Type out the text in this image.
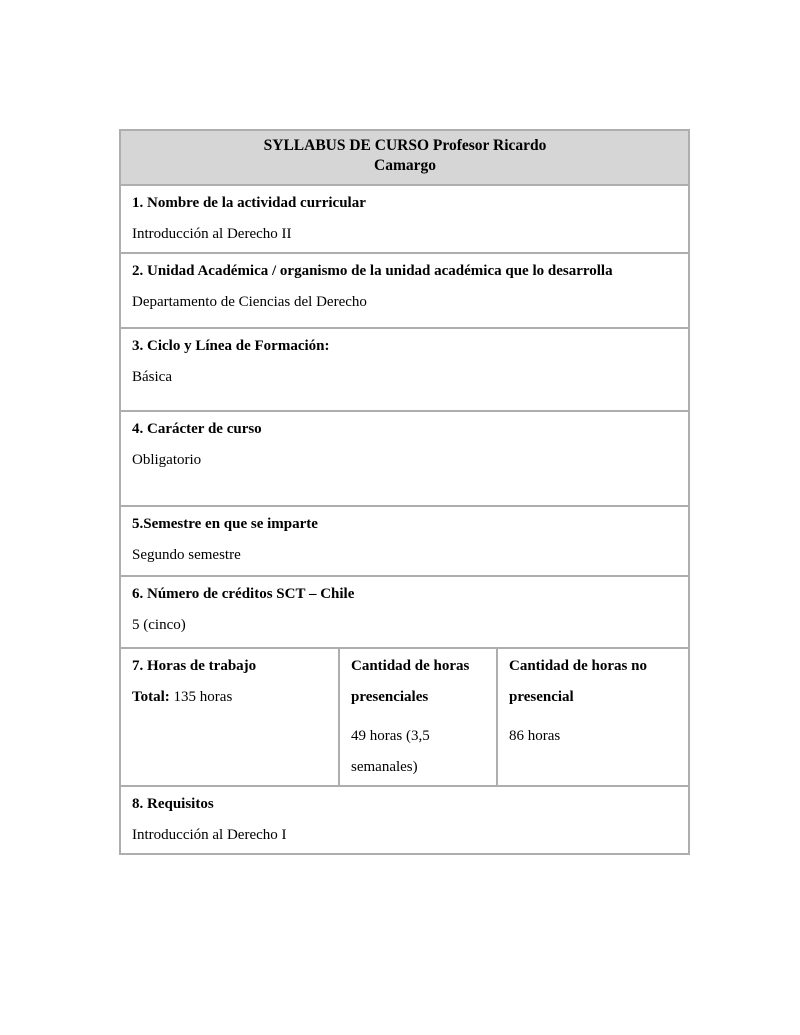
SYLLABUS DE CURSO Profesor Ricardo
Camargo

1. Nombre de la actividad curricular
Introducción al Derecho II

2. Unidad Académica / organismo de la unidad académica que lo desarrolla
Departamento de Ciencias del Derecho

3. Ciclo y Línea de Formación:
Básica

4. Carácter de curso
Obligatorio

5.Semestre en que se imparte
Segundo semestre

6. Número de créditos SCT – Chile
5 (cinco)

7. Horas de trabajo
Total: 135 horas

Cantidad de horas presenciales
49 horas (3,5 semanales)

Cantidad de horas no presencial
86 horas

8. Requisitos
Introducción al Derecho I
